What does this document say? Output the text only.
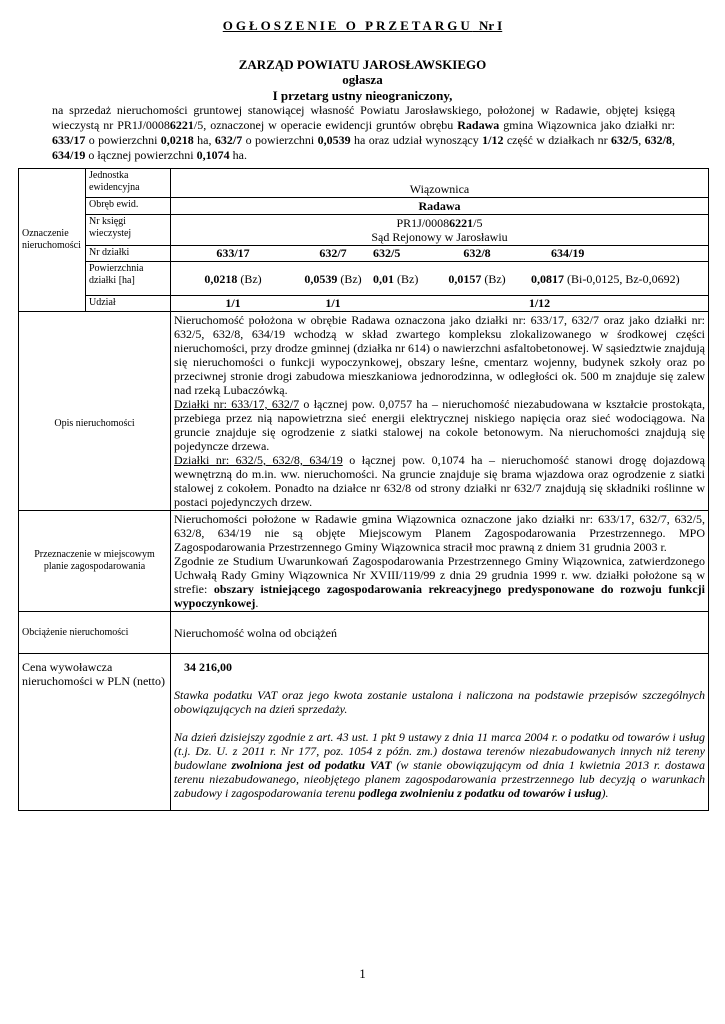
OGŁOSZENIE O PRZETARGU Nr I
ZARZĄD POWIATU JAROSŁAWSKIEGO
ogłasza
I przetarg ustny nieograniczony,
na sprzedaż nieruchomości gruntowej stanowiącej własność Powiatu Jarosławskiego, położonej w Radawie, objętej księgą wieczystą nr PR1J/00086221/5, oznaczonej w operacie ewidencji gruntów obrębu Radawa gmina Wiązownica jako działki nr: 633/17 o powierzchni 0,0218 ha, 632/7 o powierzchni 0,0539 ha oraz udział wynoszący 1/12 część w działkach nr 632/5, 632/8, 634/19 o łącznej powierzchni 0,1074 ha.
Oznaczenie nieruchomości	Jednostka ewidencyjna	Wiązownica
Obręb ewid.	Radawa
Nr księgi wieczystej	PR1J/00086221/5
Sąd Rejonowy w Jarosławiu
Nr działki		633/17	632/7	632/5	632/8	634/19

Powierzchnia działki [ha]		0,0218 (Bz)	0,0539 (Bz)	0,01 (Bz)	0,0157 (Bz)	0,0817 (Bi-0,0125, Bz-0,0692)

Udział		1/1	1/1	1/12

Opis nieruchomości	Nieruchomość położona w obrębie Radawa oznaczona jako działki nr: 633/17, 632/7 oraz jako działki nr: 632/5, 632/8, 634/19 wchodzą w skład zwartego kompleksu zlokalizowanego w środkowej części nieruchomości, przy drodze gminnej (działka nr 614) o nawierzchni asfaltobetonowej. W sąsiedztwie znajdują się nieruchomości o funkcji wypoczynkowej, obszary leśne, cmentarz wojenny, budynek szkoły oraz po przeciwnej stronie drogi zabudowa mieszkaniowa jednorodzinna, w odległości ok. 500 m znajduje się zalew nad rzeką Lubaczówką.
Działki nr: 633/17, 632/7 o łącznej pow. 0,0757 ha – nieruchomość niezabudowana w kształcie prostokąta, przebiega przez nią napowietrzna sieć energii elektrycznej niskiego napięcia oraz sieć wodociągowa. Na gruncie znajduje się ogrodzenie z siatki stalowej na cokole betonowym. Na nieruchomości znajdują się pojedyncze drzewa.
Działki nr: 632/5, 632/8, 634/19 o łącznej pow. 0,1074 ha – nieruchomość stanowi drogę dojazdową wewnętrzną do m.in. ww. nieruchomości. Na gruncie znajduje się brama wjazdowa oraz ogrodzenie z siatki stalowej z cokołem. Ponadto na działce nr 632/8 od strony działki nr 632/7 znajdują się składniki roślinne w postaci pojedynczych drzew.
Przeznaczenie w miejscowym planie zagospodarowania	Nieruchomości położone w Radawie gmina Wiązownica oznaczone jako działki nr: 633/17, 632/7, 632/5, 632/8, 634/19 nie są objęte Miejscowym Planem Zagospodarowania Przestrzennego. MPO Zagospodarowania Przestrzennego Gminy Wiązownica stracił moc prawną z dniem 31 grudnia 2003 r.
Zgodnie ze Studium Uwarunkowań Zagospodarowania Przestrzennego Gminy Wiązownica, zatwierdzonego Uchwałą Rady Gminy Wiązownica Nr XVIII/119/99 z dnia 29 grudnia 1999 r. ww. działki położone są w strefie: obszary istniejącego zagospodarowania rekreacyjnego predysponowane do rozwoju funkcji wypoczynkowej.
Obciążenie nieruchomości	Nieruchomość wolna od obciążeń
Cena wywoławcza nieruchomości w PLN (netto)	
34 216,00
Stawka podatku VAT oraz jego kwota zostanie ustalona i naliczona na podstawie przepisów szczególnych obowiązujących na dzień sprzedaży.
Na dzień dzisiejszy zgodnie z art. 43 ust. 1 pkt 9 ustawy z dnia 11 marca 2004 r. o podatku od towarów i usług (t.j. Dz. U. z 2011 r. Nr 177, poz. 1054 z późn. zm.) dostawa terenów niezabudowanych innych niż tereny budowlane zwolniona jest od podatku VAT (w stanie obowiązującym od dnia 1 kwietnia 2013 r. dostawa terenu niezabudowanego, nieobjętego planem zagospodarowania przestrzennego lub decyzją o warunkach zabudowy i zagospodarowania terenu podlega zwolnieniu z podatku od towarów i usług).
1
